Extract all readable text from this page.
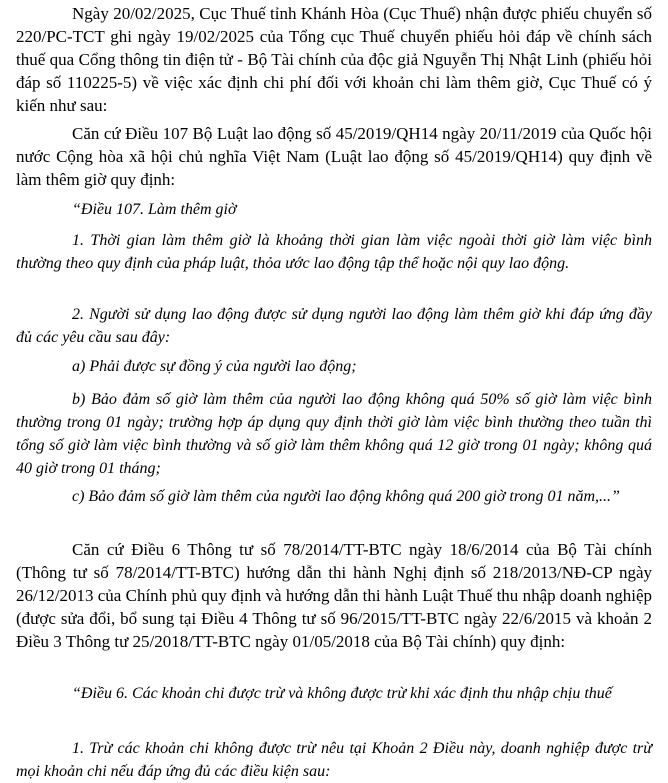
Ngày 20/02/2025, Cục Thuế tỉnh Khánh Hòa (Cục Thuế) nhận được phiếu chuyển số 220/PC-TCT ghi ngày 19/02/2025 của Tổng cục Thuế chuyển phiếu hỏi đáp về chính sách thuế qua Cổng thông tin điện tử - Bộ Tài chính của độc giả Nguyễn Thị Nhật Linh (phiếu hỏi đáp số 110225-5) về việc xác định chi phí đối với khoản chi làm thêm giờ, Cục Thuế có ý kiến như sau:

Căn cứ Điều 107 Bộ Luật lao động số 45/2019/QH14 ngày 20/11/2019 của Quốc hội nước Cộng hòa xã hội chủ nghĩa Việt Nam (Luật lao động số 45/2019/QH14) quy định về làm thêm giờ quy định:

“Điều 107. Làm thêm giờ

1. Thời gian làm thêm giờ là khoảng thời gian làm việc ngoài thời giờ làm việc bình thường theo quy định của pháp luật, thỏa ước lao động tập thể hoặc nội quy lao động.

2. Người sử dụng lao động được sử dụng người lao động làm thêm giờ khi đáp ứng đầy đủ các yêu cầu sau đây:

a) Phải được sự đồng ý của người lao động;

b) Bảo đảm số giờ làm thêm của người lao động không quá 50% số giờ làm việc bình thường trong 01 ngày; trường hợp áp dụng quy định thời giờ làm việc bình thường theo tuần thì tổng số giờ làm việc bình thường và số giờ làm thêm không quá 12 giờ trong 01 ngày; không quá 40 giờ trong 01 tháng;

c) Bảo đảm số giờ làm thêm của người lao động không quá 200 giờ trong 01 năm,...”

Căn cứ Điều 6 Thông tư số 78/2014/TT-BTC ngày 18/6/2014 của Bộ Tài chính (Thông tư số 78/2014/TT-BTC) hướng dẫn thi hành Nghị định số 218/2013/NĐ-CP ngày 26/12/2013 của Chính phủ quy định và hướng dẫn thi hành Luật Thuế thu nhập doanh nghiệp (được sửa đổi, bổ sung tại Điều 4 Thông tư số 96/2015/TT-BTC ngày 22/6/2015 và khoản 2 Điều 3 Thông tư 25/2018/TT-BTC ngày 01/05/2018 của Bộ Tài chính) quy định:

“Điều 6. Các khoản chi được trừ và không được trừ khi xác định thu nhập chịu thuế

1. Trừ các khoản chi không được trừ nêu tại Khoản 2 Điều này, doanh nghiệp được trừ mọi khoản chi nếu đáp ứng đủ các điều kiện sau:
